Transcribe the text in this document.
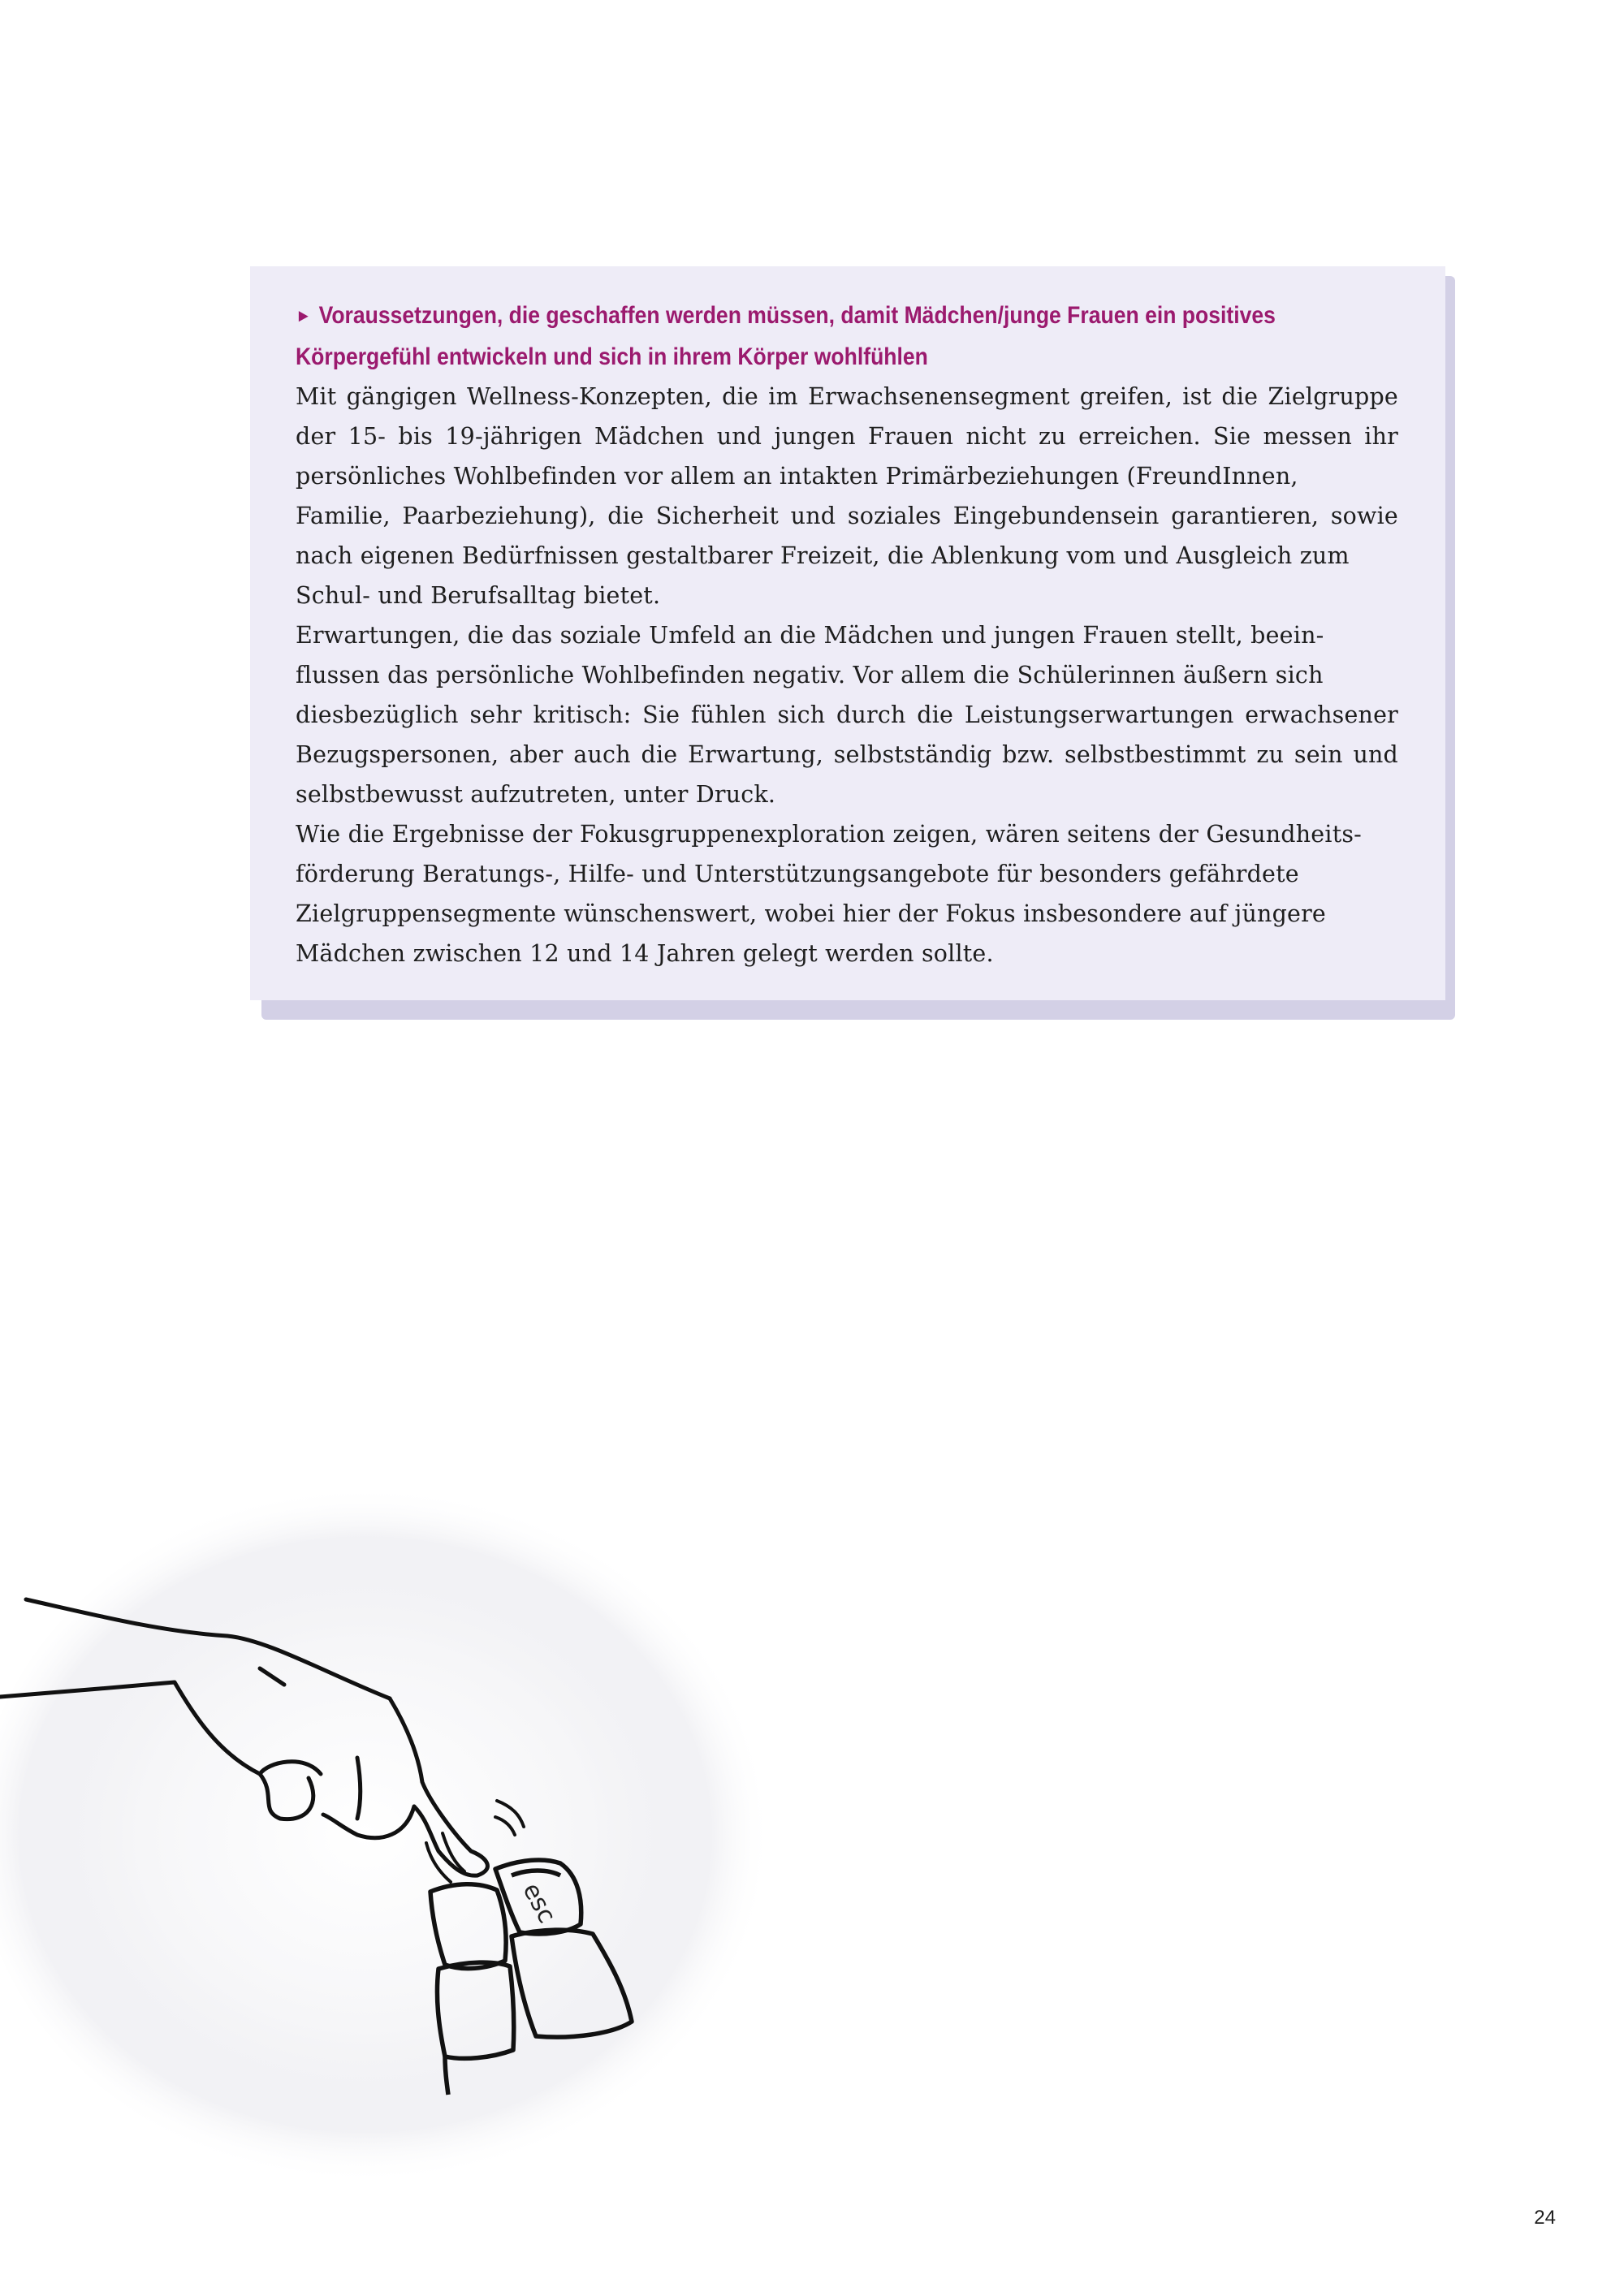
► Voraussetzungen, die geschaffen werden müssen, damit Mädchen/junge Frauen ein positives
Körpergefühl entwickeln und sich in ihrem Körper wohlfühlen

Mit gängigen Wellness-Konzepten, die im Erwachsenensegment greifen, ist die Zielgruppe
der 15- bis 19-jährigen Mädchen und jungen Frauen nicht zu erreichen. Sie messen ihr
persönliches Wohlbefinden vor allem an intakten Primärbeziehungen (FreundInnen,
Familie, Paarbeziehung), die Sicherheit und soziales Eingebundensein garantieren, sowie
nach eigenen Bedürfnissen gestaltbarer Freizeit, die Ablenkung vom und Ausgleich zum
Schul- und Berufsalltag bietet.
Erwartungen, die das soziale Umfeld an die Mädchen und jungen Frauen stellt, beein-
flussen das persönliche Wohlbefinden negativ. Vor allem die Schülerinnen äußern sich
diesbezüglich sehr kritisch: Sie fühlen sich durch die Leistungserwartungen erwachsener
Bezugspersonen, aber auch die Erwartung, selbstständig bzw. selbstbestimmt zu sein und
selbstbewusst aufzutreten, unter Druck.
Wie die Ergebnisse der Fokusgruppenexploration zeigen, wären seitens der Gesundheits-
förderung Beratungs-, Hilfe- und Unterstützungsangebote für besonders gefährdete
Zielgruppensegmente wünschenswert, wobei hier der Fokus insbesondere auf jüngere
Mädchen zwischen 12 und 14 Jahren gelegt werden sollte.
esc
24
